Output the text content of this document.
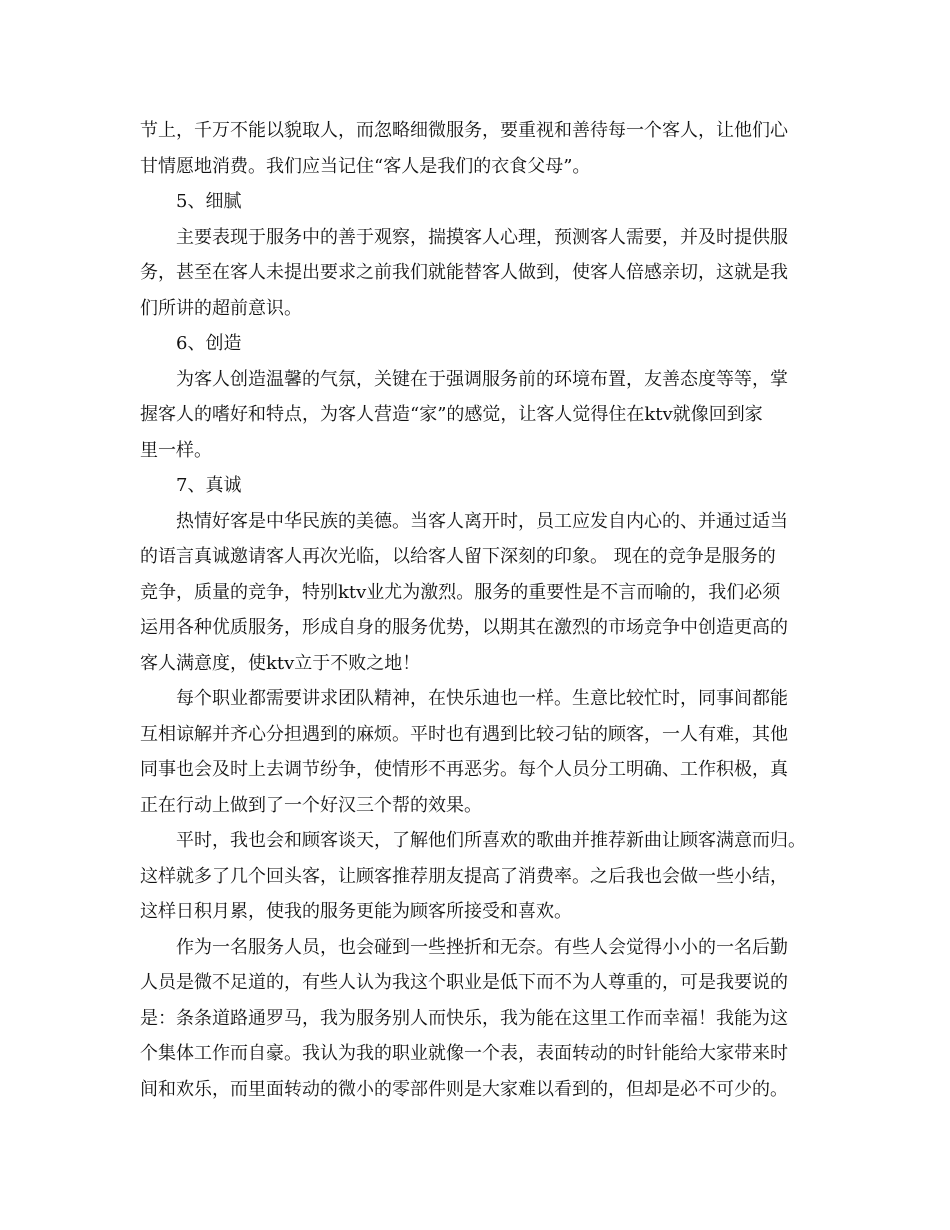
节上，千万不能以貌取人，而忽略细微服务，要重视和善待每一个客人，让他们心

甘情愿地消费。我们应当记住“客人是我们的衣食父母”。

5、细腻

主要表现于服务中的善于观察，揣摸客人心理，预测客人需要，并及时提供服

务，甚至在客人未提出要求之前我们就能替客人做到，使客人倍感亲切，这就是我

们所讲的超前意识。

6、创造

为客人创造温馨的气氛，关键在于强调服务前的环境布置，友善态度等等，掌

握客人的嗜好和特点，为客人营造“家”的感觉，让客人觉得住在ktv就像回到家

里一样。

7、真诚

热情好客是中华民族的美德。当客人离开时，员工应发自内心的、并通过适当

的语言真诚邀请客人再次光临，以给客人留下深刻的印象。 现在的竞争是服务的

竞争，质量的竞争，特别ktv业尤为激烈。服务的重要性是不言而喻的，我们必须

运用各种优质服务，形成自身的服务优势，以期其在激烈的市场竞争中创造更高的

客人满意度，使ktv立于不败之地！

每个职业都需要讲求团队精神，在快乐迪也一样。生意比较忙时，同事间都能

互相谅解并齐心分担遇到的麻烦。平时也有遇到比较刁钻的顾客，一人有难，其他

同事也会及时上去调节纷争，使情形不再恶劣。每个人员分工明确、工作积极，真

正在行动上做到了一个好汉三个帮的效果。

平时，我也会和顾客谈天，了解他们所喜欢的歌曲并推荐新曲让顾客满意而归。

这样就多了几个回头客，让顾客推荐朋友提高了消费率。之后我也会做一些小结，

这样日积月累，使我的服务更能为顾客所接受和喜欢。

作为一名服务人员，也会碰到一些挫折和无奈。有些人会觉得小小的一名后勤

人员是微不足道的，有些人认为我这个职业是低下而不为人尊重的，可是我要说的

是：条条道路通罗马，我为服务别人而快乐，我为能在这里工作而幸福！我能为这

个集体工作而自豪。我认为我的职业就像一个表，表面转动的时针能给大家带来时

间和欢乐，而里面转动的微小的零部件则是大家难以看到的，但却是必不可少的。
